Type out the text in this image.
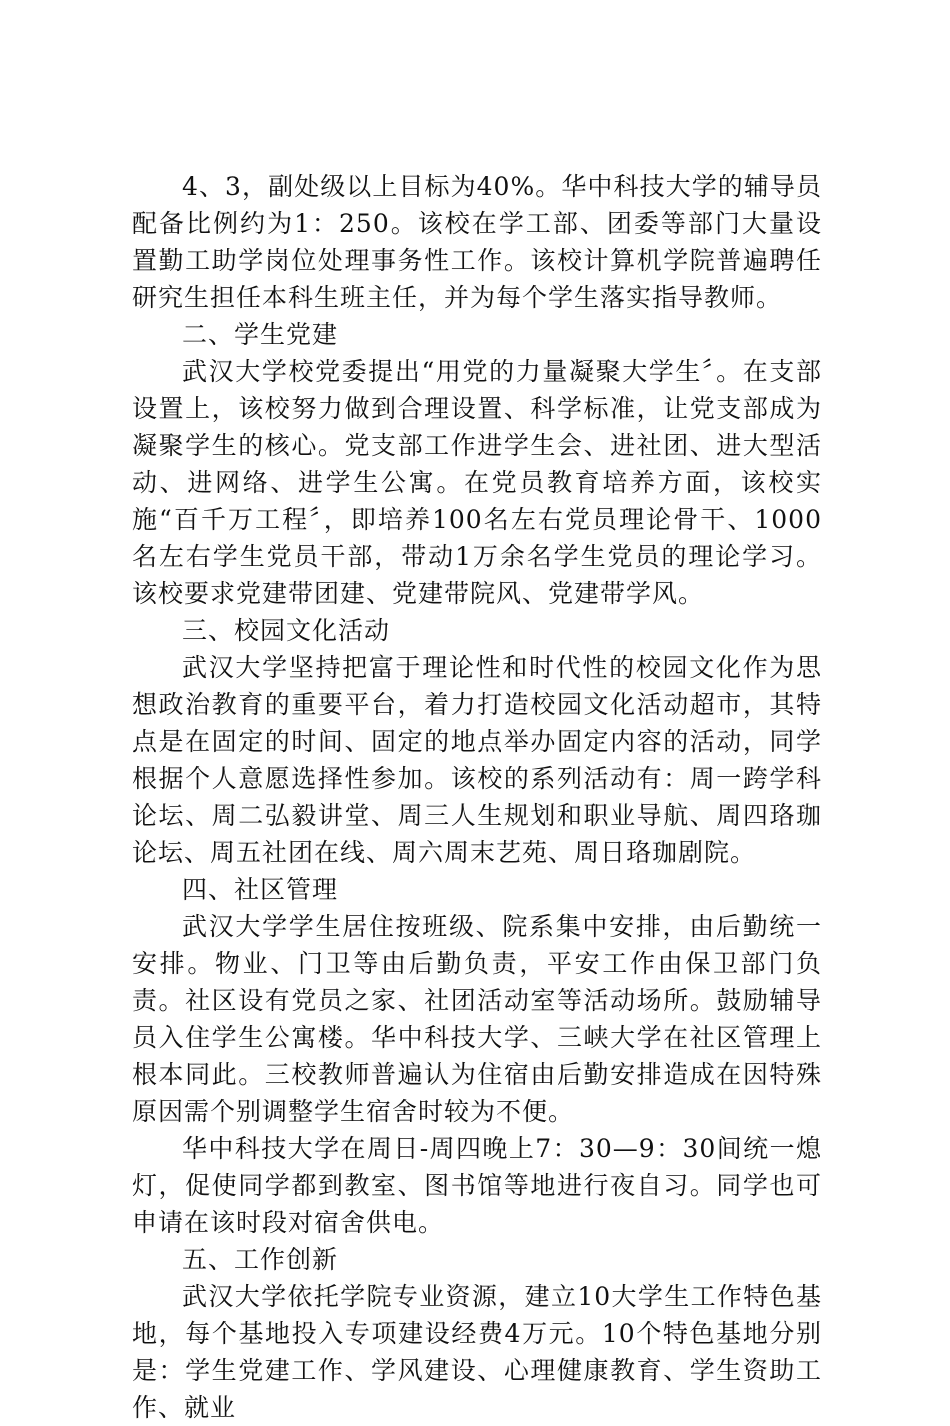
4、3，副处级以上目标为40%。华中科技大学的辅导员配备比例约为1：250。该校在学工部、团委等部门大量设置勤工助学岗位处理事务性工作。该校计算机学院普遍聘任研究生担任本科生班主任，并为每个学生落实指导教师。

二、学生党建

武汉大学校党委提出“用党的力量凝聚大学生〞。在支部设置上，该校努力做到合理设置、科学标准，让党支部成为凝聚学生的核心。党支部工作进学生会、进社团、进大型活动、进网络、进学生公寓。在党员教育培养方面，该校实施“百千万工程〞，即培养100名左右党员理论骨干、1000名左右学生党员干部，带动1万余名学生党员的理论学习。该校要求党建带团建、党建带院风、党建带学风。

三、校园文化活动

武汉大学坚持把富于理论性和时代性的校园文化作为思想政治教育的重要平台，着力打造校园文化活动超市，其特点是在固定的时间、固定的地点举办固定内容的活动，同学根据个人意愿选择性参加。该校的系列活动有：周一跨学科论坛、周二弘毅讲堂、周三人生规划和职业导航、周四珞珈论坛、周五社团在线、周六周末艺苑、周日珞珈剧院。

四、社区管理

武汉大学学生居住按班级、院系集中安排，由后勤统一安排。物业、门卫等由后勤负责，平安工作由保卫部门负责。社区设有党员之家、社团活动室等活动场所。鼓励辅导员入住学生公寓楼。华中科技大学、三峡大学在社区管理上根本同此。三校教师普遍认为住宿由后勤安排造成在因特殊原因需个别调整学生宿舍时较为不便。

华中科技大学在周日-周四晚上7：30—9：30间统一熄灯，促使同学都到教室、图书馆等地进行夜自习。同学也可申请在该时段对宿舍供电。

五、工作创新

武汉大学依托学院专业资源，建立10大学生工作特色基地，每个基地投入专项建设经费4万元。10个特色基地分别是：学生党建工作、学风建设、心理健康教育、学生资助工作、就业
